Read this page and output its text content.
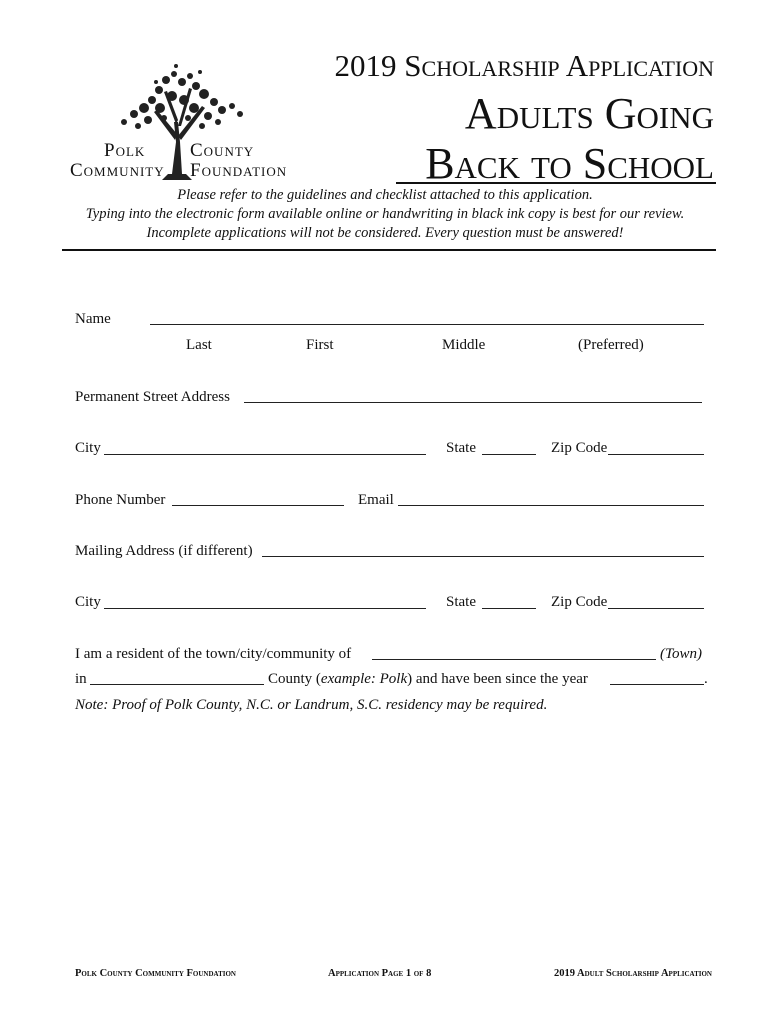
Polk County
Community Foundation
2019 Scholarship Application
Adults Going
Back to School
Please refer to the guidelines and checklist attached to this application.
Typing into the electronic form available online or handwriting in black ink copy is best for our review.
Incomplete applications will not be considered. Every question must be answered!
Name
Last	First	Middle	(Preferred)
Permanent Street Address
City	State	Zip Code
Phone Number	Email
Mailing Address (if different)
City	State	Zip Code
I am a resident of the town/city/community of	(Town)
in	County (example: Polk) and have been since the year	.
Note: Proof of Polk County, N.C. or Landrum, S.C. residency may be required.
Polk County Community Foundation	Application Page 1 of 8	2019 Adult Scholarship Application
